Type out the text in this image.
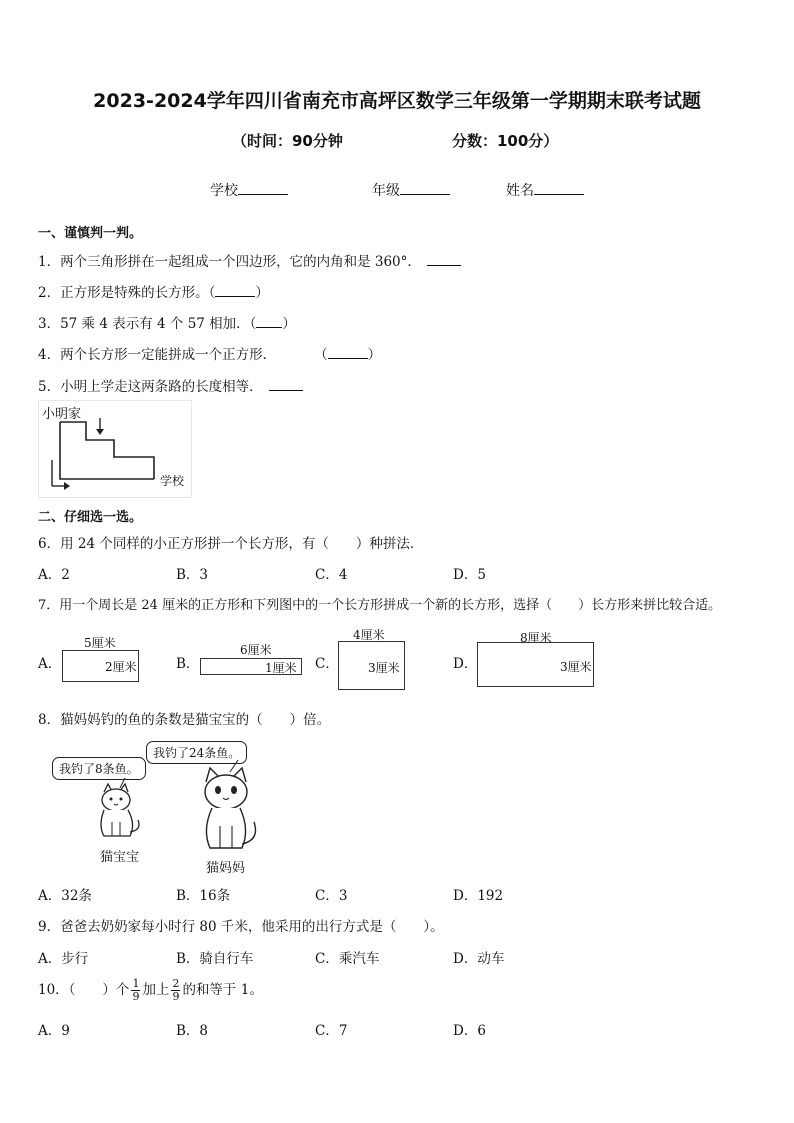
2023-2024学年四川省南充市高坪区数学三年级第一学期期末联考试题
（时间：90分钟	分数：100分）
学校	年级	姓名
一、谨慎判一判。
1．两个三角形拼在一起组成一个四边形，它的内角和是 360°．
2．正方形是特殊的长方形。（	）
3．57 乘 4 表示有 4 个 57 相加．（ ）
4．两个长方形一定能拼成一个正方形．	（	）
5．小明上学走这两条路的长度相等．
小明家
学校
二、仔细选一选。
6．用 24 个同样的小正方形拼一个长方形，有（　　）种拼法．
A．2	B．3	C．4	D．5
7．用一个周长是 24 厘米的正方形和下列图中的一个长方形拼成一个新的长方形，选择（　　）长方形来拼比较合适。
A．
5厘米
2厘米	B．
6厘米
1厘米 C．
4厘米
3厘米	D．
8厘米
3厘米
8．猫妈妈钓的鱼的条数是猫宝宝的（　　）倍。
我钓了8条鱼。
我钓了24条鱼。
猫宝宝
猫妈妈
A．32条	B．16条	C．3	D．192
9．爸爸去奶奶家每小时行 80 千米，他采用的出行方式是（　　）。
A．步行	B．骑自行车	C．乘汽车	D．动车
10．（　　）个 $\frac{1}{9}$ 加上 $\frac{2}{9}$ 的和等于 1。
A．9	B．8	C．7	D．6
